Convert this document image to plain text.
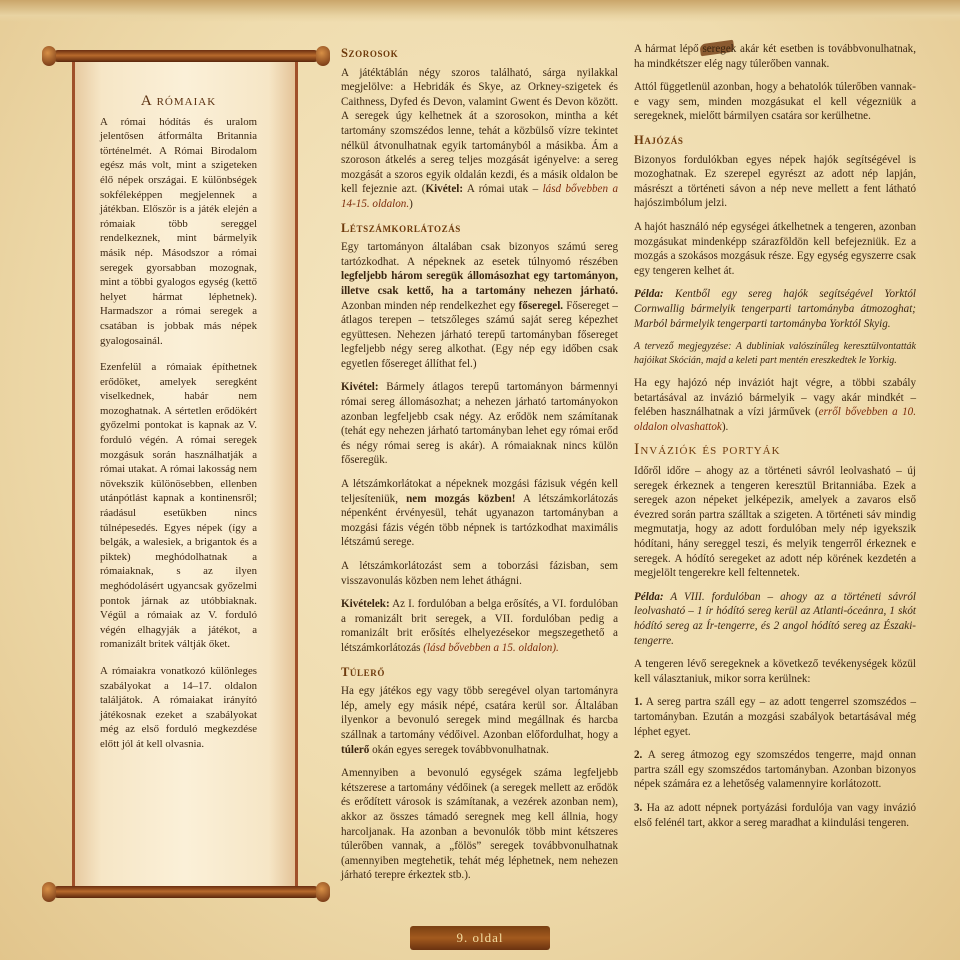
A rómaiak

A római hódítás és uralom jelentősen átformálta Britannia történelmét. A Római Birodalom egész más volt, mint a szigeteken élő népek országai. E különbségek sokféleképpen megjelennek a játékban. Először is a játék elején a rómaiak több sereggel rendelkeznek, mint bármelyik másik nép. Másodszor a római seregek gyorsabban mozognak, mint a többi gyalogos egység (kettő helyet hármat léphetnek). Harmadszor a római seregek a csatában is jobbak más népek gyalogosainál.

Ezenfelül a rómaiak építhetnek erődöket, amelyek seregként viselkednek, habár nem mozoghatnak. A sértetlen erődökért győzelmi pontokat is kapnak az V. forduló végén. A római seregek mozgásuk során használhatják a római utakat. A római lakosság nem növekszik különösebben, ellenben utánpótlást kapnak a kontinensről; ráadásul esetükben nincs túlnépesedés. Egyes népek (így a belgák, a walesiek, a brigantok és a piktek) meghódolhatnak a rómaiaknak, s az ilyen meghódolásért ugyancsak győzelmi pontok járnak az utóbbiaknak. Végül a rómaiak az V. forduló végén elhagyják a játékot, a romanizált britek váltják őket.

A rómaiakra vonatkozó különleges szabályokat a 14–17. oldalon találjátok. A rómaiakat irányító játékosnak ezeket a szabályokat még az első forduló megkezdése előtt jól át kell olvasnia.

Szorosok

A játéktáblán négy szoros található, sárga nyilakkal megjelölve: a Hebridák és Skye, az Orkney-szigetek és Caithness, Dyfed és Devon, valamint Gwent és Devon között. A seregek úgy kelhetnek át a szorosokon, mintha a két tartomány szomszédos lenne, tehát a közbülső vízre tekintet nélkül átvonulhatnak egyik tartományból a másikba. Ám a szoroson átkelés a sereg teljes mozgását igényelve: a sereg mozgását a szoros egyik oldalán kezdi, és a másik oldalon be kell fejeznie azt. (Kivétel: A római utak – lásd bővebben a 14-15. oldalon.)

Létszámkorlátozás

Egy tartományon általában csak bizonyos számú sereg tartózkodhat. A népeknek az esetek túlnyomó részében legfeljebb három seregük állomásozhat egy tartományon, illetve csak kettő, ha a tartomány nehezen járható. Azonban minden nép rendelkezhet egy főseregel. Fősereget – átlagos terepen – tetszőleges számú saját sereg képezhet együttesen. Nehezen járható terepű tartományban fősereget legfeljebb négy sereg alkothat. (Egy nép egy időben csak egyetlen fősereget állíthat fel.)

Kivétel: Bármely átlagos terepű tartományon bármennyi római sereg állomásozhat; a nehezen járható tartományokon azonban legfeljebb csak négy. Az erődök nem számítanak (tehát egy nehezen járható tartományban lehet egy római erőd és négy római sereg is akár). A rómaiaknak nincs külön főseregük.

A létszámkorlátokat a népeknek mozgási fázisuk végén kell teljesíteniük, nem mozgás közben! A létszámkorlátozás népenként érvényesül, tehát ugyanazon tartományban a mozgási fázis végén több népnek is tartózkodhat maximális létszámú serege.

A létszámkorlátozást sem a toborzási fázisban, sem visszavonulás közben nem lehet áthágni.

Kivételek: Az I. fordulóban a belga erősítés, a VI. fordulóban a romanizált brit seregek, a VII. fordulóban pedig a romanizált brit erősítés elhelyezésekor megszegethető a létszámkorlátozás (lásd bővebben a 15. oldalon).

Túlerő

Ha egy játékos egy vagy több seregével olyan tartományra lép, amely egy másik népé, csatára kerül sor. Általában ilyenkor a bevonuló seregek mind megállnak és harcba szállnak a tartomány védőivel. Azonban előfordulhat, hogy a túlerő okán egyes seregek továbbvonulhatnak.

Amennyiben a bevonuló egységek száma legfeljebb kétszerese a tartomány védőinek (a seregek mellett az erődök és erődített városok is számítanak, a vezérek azonban nem), akkor az összes támadó seregnek meg kell állnia, hogy harcoljanak. Ha azonban a bevonulók több mint kétszeres túlerőben vannak, a „fölös” seregek továbbvonulhatnak (amennyiben megtehetik, tehát még léphetnek, nem nehezen járható terepre érkeztek stb.).

A hármat lépő seregek akár két esetben is továbbvonulhatnak, ha mindkétszer elég nagy túlerőben vannak.

Attól függetlenül azonban, hogy a behatolók túlerőben vannak-e vagy sem, minden mozgásukat el kell végezniük a seregeknek, mielőtt bármilyen csatára sor kerülhetne.

Hajózás

Bizonyos fordulókban egyes népek hajók segítségével is mozoghatnak. Ez szerepel egyrészt az adott nép lapján, másrészt a történeti sávon a nép neve mellett a fent látható hajószimbólum jelzi.

A hajót használó nép egységei átkelhetnek a tengeren, azonban mozgásukat mindenképp szárazföldön kell befejezniük. Ez a mozgás a szokásos mozgásuk része. Egy egység egyszerre csak egy tengeren kelhet át.

Példa: Kentből egy sereg hajók segítségével Yorktól Cornwallig bármelyik tengerparti tartományba átmozoghat; Marból bármelyik tengerparti tartományba Yorktól Skyig.

A tervező megjegyzése: A dubliniak valószínűleg keresztülvontatták hajóikat Skócián, majd a keleti part mentén ereszkedtek le Yorkig.

Ha egy hajózó nép inváziót hajt végre, a többi szabály betartásával az invázió bármelyik – vagy akár mindkét – felében használhatnak a vízi járművek (erről bővebben a 10. oldalon olvashattok).

Inváziók és portyák

Időről időre – ahogy az a történeti sávról leolvasható – új seregek érkeznek a tengeren keresztül Britanniába. Ezek a seregek azon népeket jelképezik, amelyek a zavaros első évezred során partra szálltak a szigeten. A történeti sáv mindig megmutatja, hogy az adott fordulóban mely nép igyekszik hódítani, hány sereggel teszi, és melyik tengerről érkeznek e seregek. A hódító seregeket az adott nép körének kezdetén a megjelölt tengerekre kell feltennetek.

Példa: A VIII. fordulóban – ahogy az a történeti sávról leolvasható – 1 ír hódító sereg kerül az Atlanti-óceánra, 1 skót hódító sereg az Ír-tengerre, és 2 angol hódító sereg az Északi-tengerre.

A tengeren lévő seregeknek a következő tevékenységek közül kell választaniuk, mikor sorra kerülnek:

1. A sereg partra száll egy – az adott tengerrel szomszédos – tartományban. Ezután a mozgási szabályok betartásával még léphet egyet.

2. A sereg átmozog egy szomszédos tengerre, majd onnan partra száll egy szomszédos tartományban. Azonban bizonyos népek számára ez a lehetőség valamennyire korlátozott.

3. Ha az adott népnek portyázási fordulója van vagy invázió első felénél tart, akkor a sereg maradhat a kiindulási tengeren.

9. oldal
